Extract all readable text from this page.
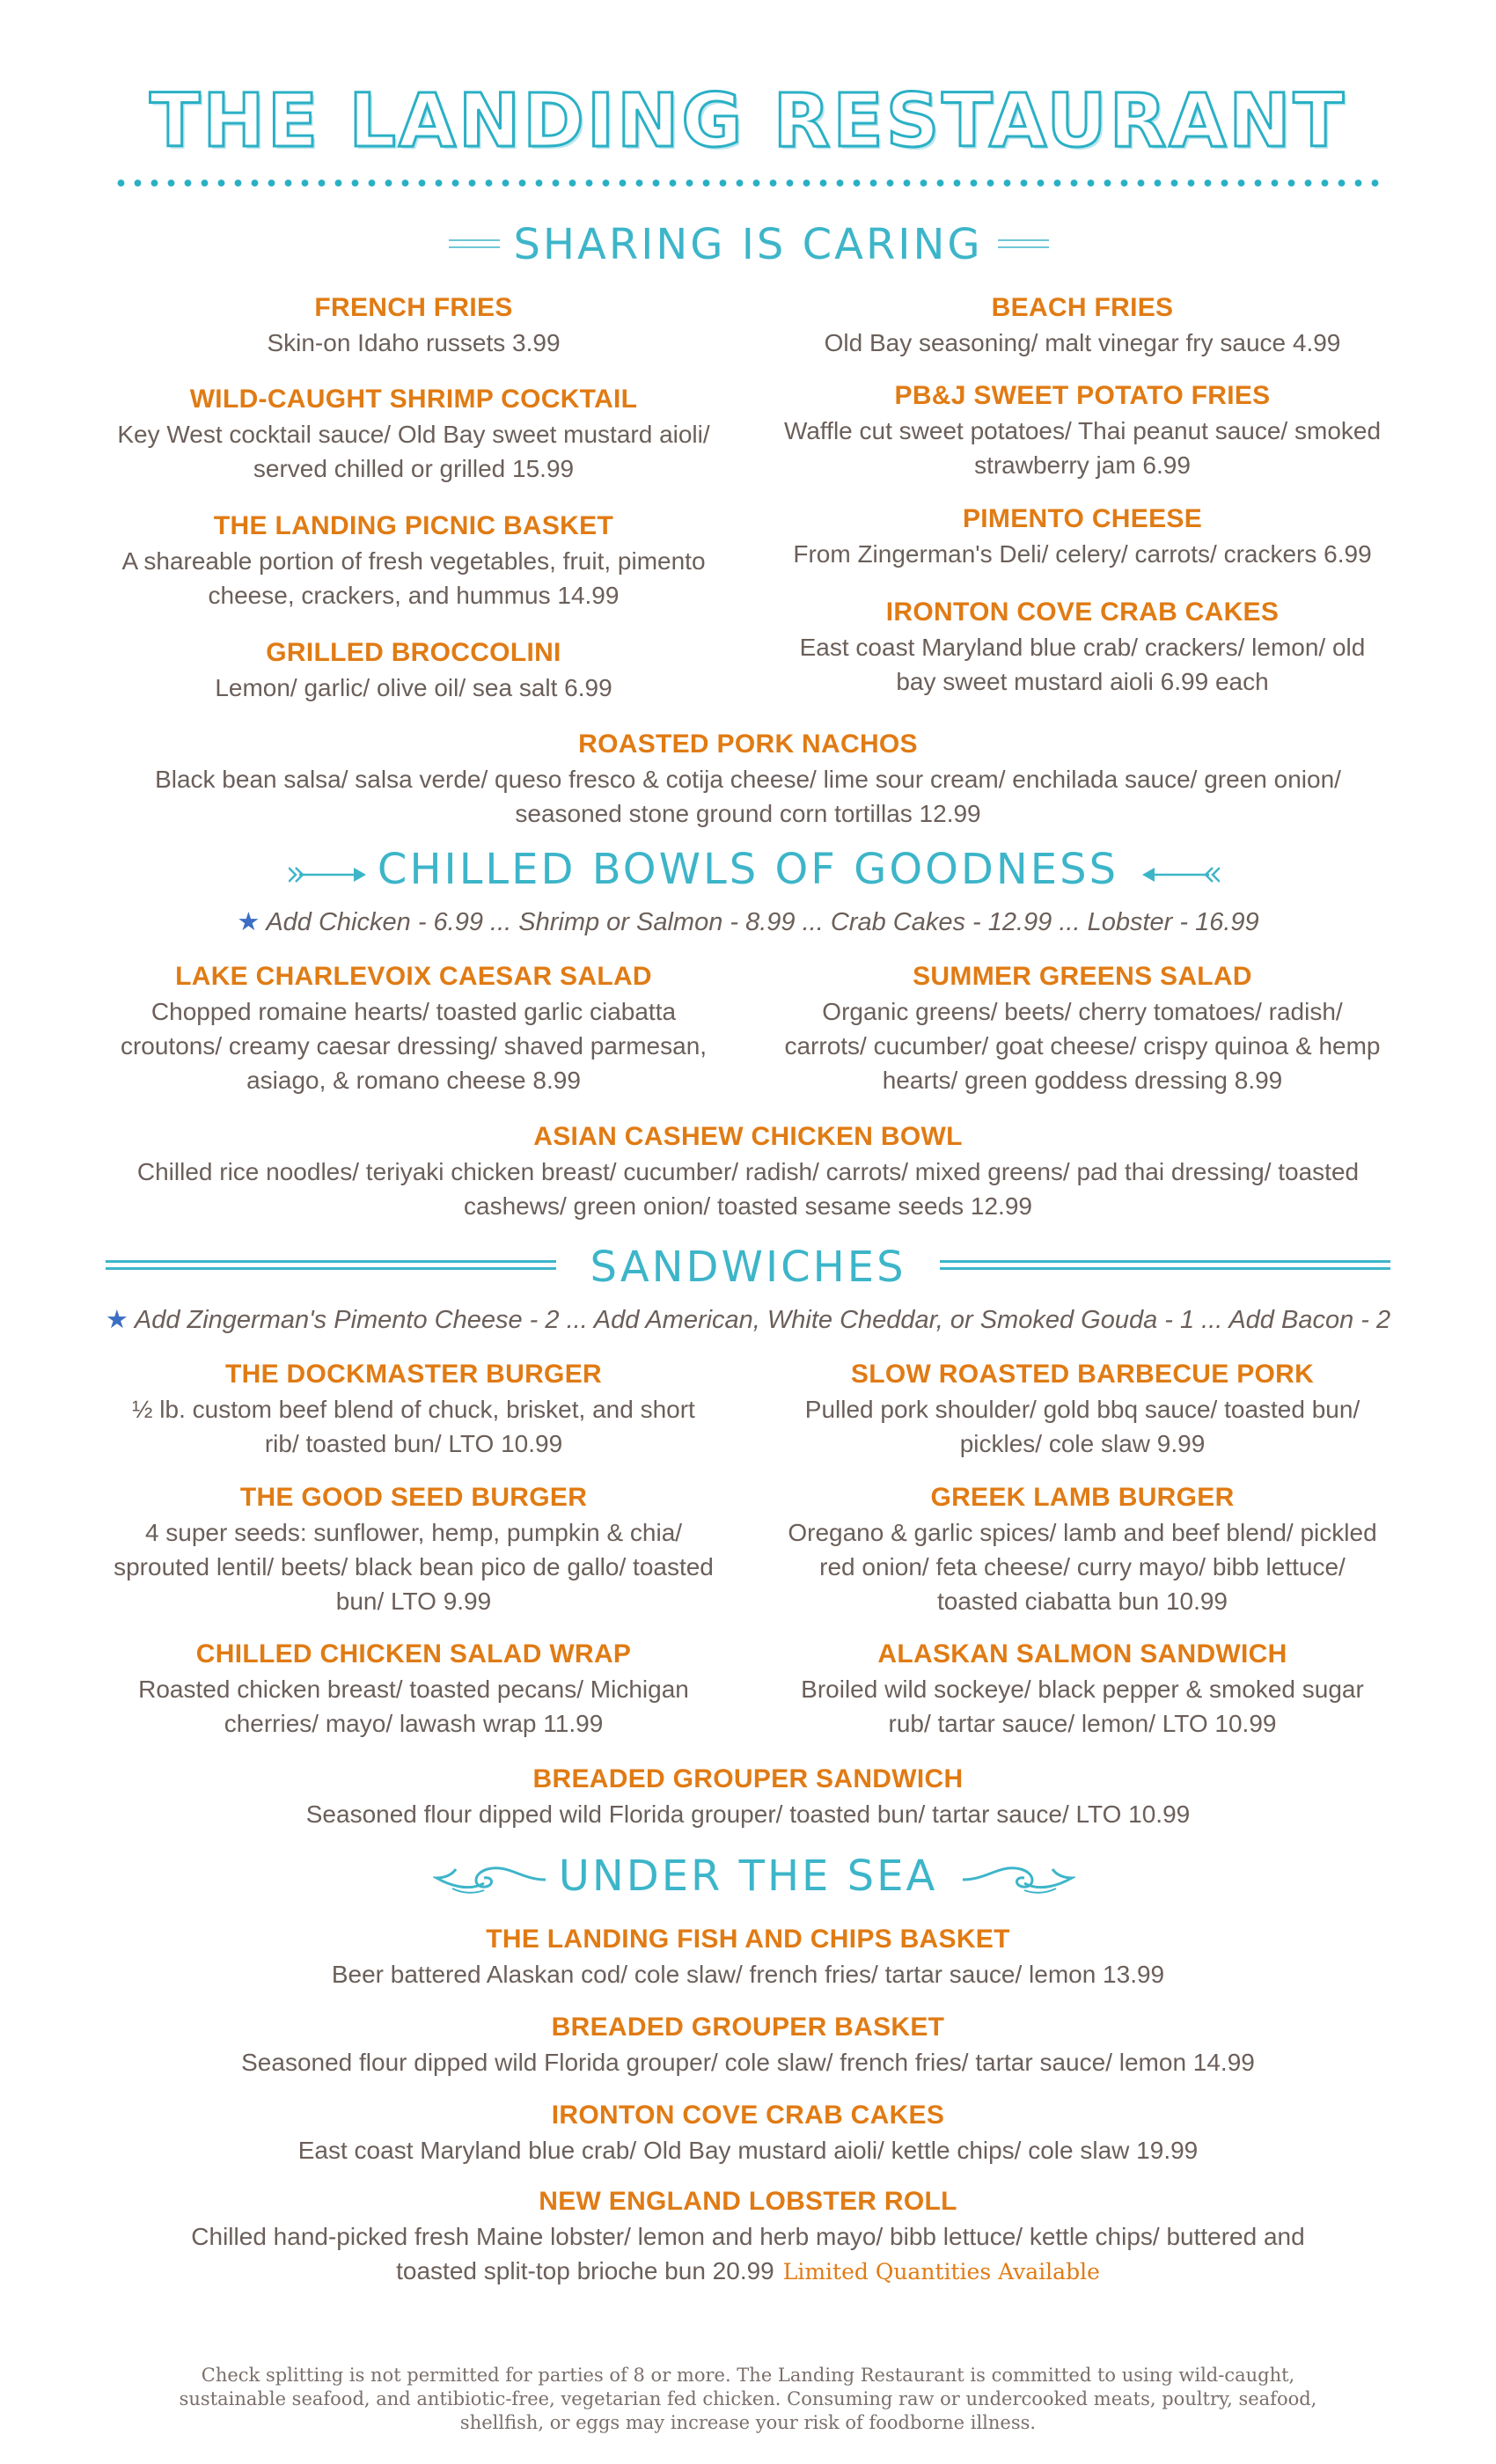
THE LANDING RESTAURANT
SHARING IS CARING
FRENCH FRIES
Skin-on Idaho russets 3.99
BEACH FRIES
Old Bay seasoning/ malt vinegar fry sauce 4.99
WILD-CAUGHT SHRIMP COCKTAIL
Key West cocktail sauce/ Old Bay sweet mustard aioli/ served chilled or grilled 15.99
PB&J SWEET POTATO FRIES
Waffle cut sweet potatoes/ Thai peanut sauce/ smoked strawberry jam 6.99
THE LANDING PICNIC BASKET
A shareable portion of fresh vegetables, fruit, pimento cheese, crackers, and hummus 14.99
PIMENTO CHEESE
From Zingerman's Deli/ celery/ carrots/ crackers 6.99
GRILLED BROCCOLINI
Lemon/ garlic/ olive oil/ sea salt 6.99
IRONTON COVE CRAB CAKES
East coast Maryland blue crab/ crackers/ lemon/ old bay sweet mustard aioli 6.99 each
ROASTED PORK NACHOS
Black bean salsa/ salsa verde/ queso fresco & cotija cheese/ lime sour cream/ enchilada sauce/ green onion/ seasoned stone ground corn tortillas 12.99
CHILLED BOWLS OF GOODNESS
★ Add Chicken - 6.99 ... Shrimp or Salmon - 8.99 ... Crab Cakes - 12.99 ... Lobster - 16.99
LAKE CHARLEVOIX CAESAR SALAD
Chopped romaine hearts/ toasted garlic ciabatta croutons/ creamy caesar dressing/ shaved parmesan, asiago, & romano cheese 8.99
SUMMER GREENS SALAD
Organic greens/ beets/ cherry tomatoes/ radish/ carrots/ cucumber/ goat cheese/ crispy quinoa & hemp hearts/ green goddess dressing 8.99
ASIAN CASHEW CHICKEN BOWL
Chilled rice noodles/ teriyaki chicken breast/ cucumber/ radish/ carrots/ mixed greens/ pad thai dressing/ toasted cashews/ green onion/ toasted sesame seeds 12.99
SANDWICHES
★ Add Zingerman's Pimento Cheese - 2 ... Add American, White Cheddar, or Smoked Gouda - 1 ... Add Bacon - 2
THE DOCKMASTER BURGER
½ lb. custom beef blend of chuck, brisket, and short rib/ toasted bun/ LTO 10.99
SLOW ROASTED BARBECUE PORK
Pulled pork shoulder/ gold bbq sauce/ toasted bun/ pickles/ cole slaw 9.99
THE GOOD SEED BURGER
4 super seeds: sunflower, hemp, pumpkin & chia/ sprouted lentil/ beets/ black bean pico de gallo/ toasted bun/ LTO 9.99
GREEK LAMB BURGER
Oregano & garlic spices/ lamb and beef blend/ pickled red onion/ feta cheese/ curry mayo/ bibb lettuce/ toasted ciabatta bun 10.99
CHILLED CHICKEN SALAD WRAP
Roasted chicken breast/ toasted pecans/ Michigan cherries/ mayo/ lawash wrap 11.99
ALASKAN SALMON SANDWICH
Broiled wild sockeye/ black pepper & smoked sugar rub/ tartar sauce/ lemon/ LTO 10.99
BREADED GROUPER SANDWICH
Seasoned flour dipped wild Florida grouper/ toasted bun/ tartar sauce/ LTO 10.99
UNDER THE SEA
THE LANDING FISH AND CHIPS BASKET
Beer battered Alaskan cod/ cole slaw/ french fries/ tartar sauce/ lemon 13.99
BREADED GROUPER BASKET
Seasoned flour dipped wild Florida grouper/ cole slaw/ french fries/ tartar sauce/ lemon 14.99
IRONTON COVE CRAB CAKES
East coast Maryland blue crab/ Old Bay mustard aioli/ kettle chips/ cole slaw 19.99
NEW ENGLAND LOBSTER ROLL
Chilled hand-picked fresh Maine lobster/ lemon and herb mayo/ bibb lettuce/ kettle chips/ buttered and toasted split-top brioche bun 20.99 Limited Quantities Available
Check splitting is not permitted for parties of 8 or more. The Landing Restaurant is committed to using wild-caught, sustainable seafood, and antibiotic-free, vegetarian fed chicken. Consuming raw or undercooked meats, poultry, seafood, shellfish, or eggs may increase your risk of foodborne illness.
